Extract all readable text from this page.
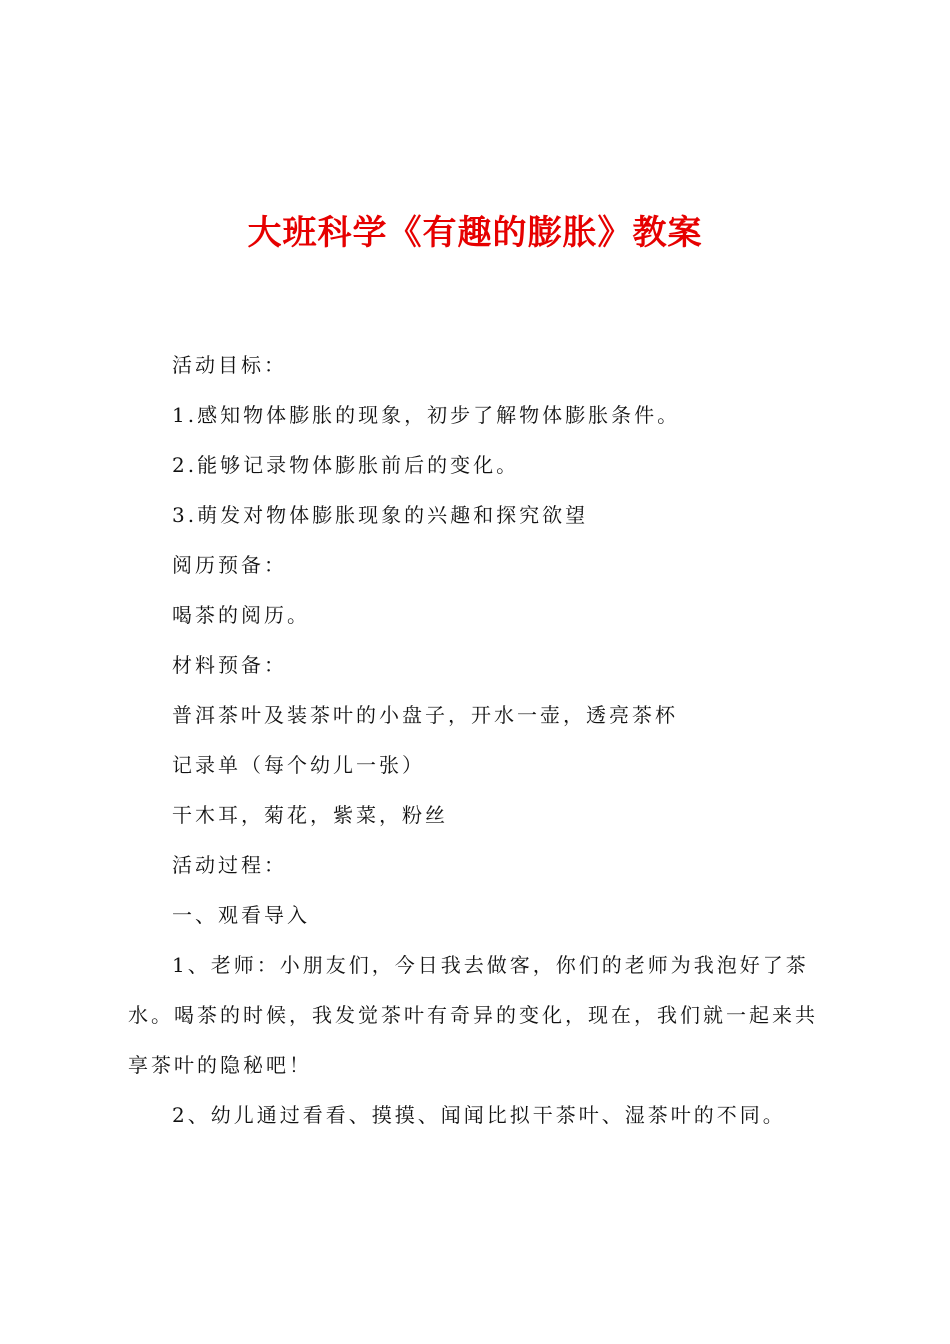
大班科学《有趣的膨胀》教案

活动目标：

1.感知物体膨胀的现象，初步了解物体膨胀条件。

2.能够记录物体膨胀前后的变化。

3.萌发对物体膨胀现象的兴趣和探究欲望

阅历预备：

喝茶的阅历。

材料预备：

普洱茶叶及装茶叶的小盘子，开水一壶，透亮茶杯

记录单（每个幼儿一张）

干木耳，菊花，紫菜，粉丝

活动过程：

一、观看导入

1、老师：小朋友们，今日我去做客，你们的老师为我泡好了茶水。喝茶的时候，我发觉茶叶有奇异的变化，现在，我们就一起来共享茶叶的隐秘吧！

2、幼儿通过看看、摸摸、闻闻比拟干茶叶、湿茶叶的不同。
